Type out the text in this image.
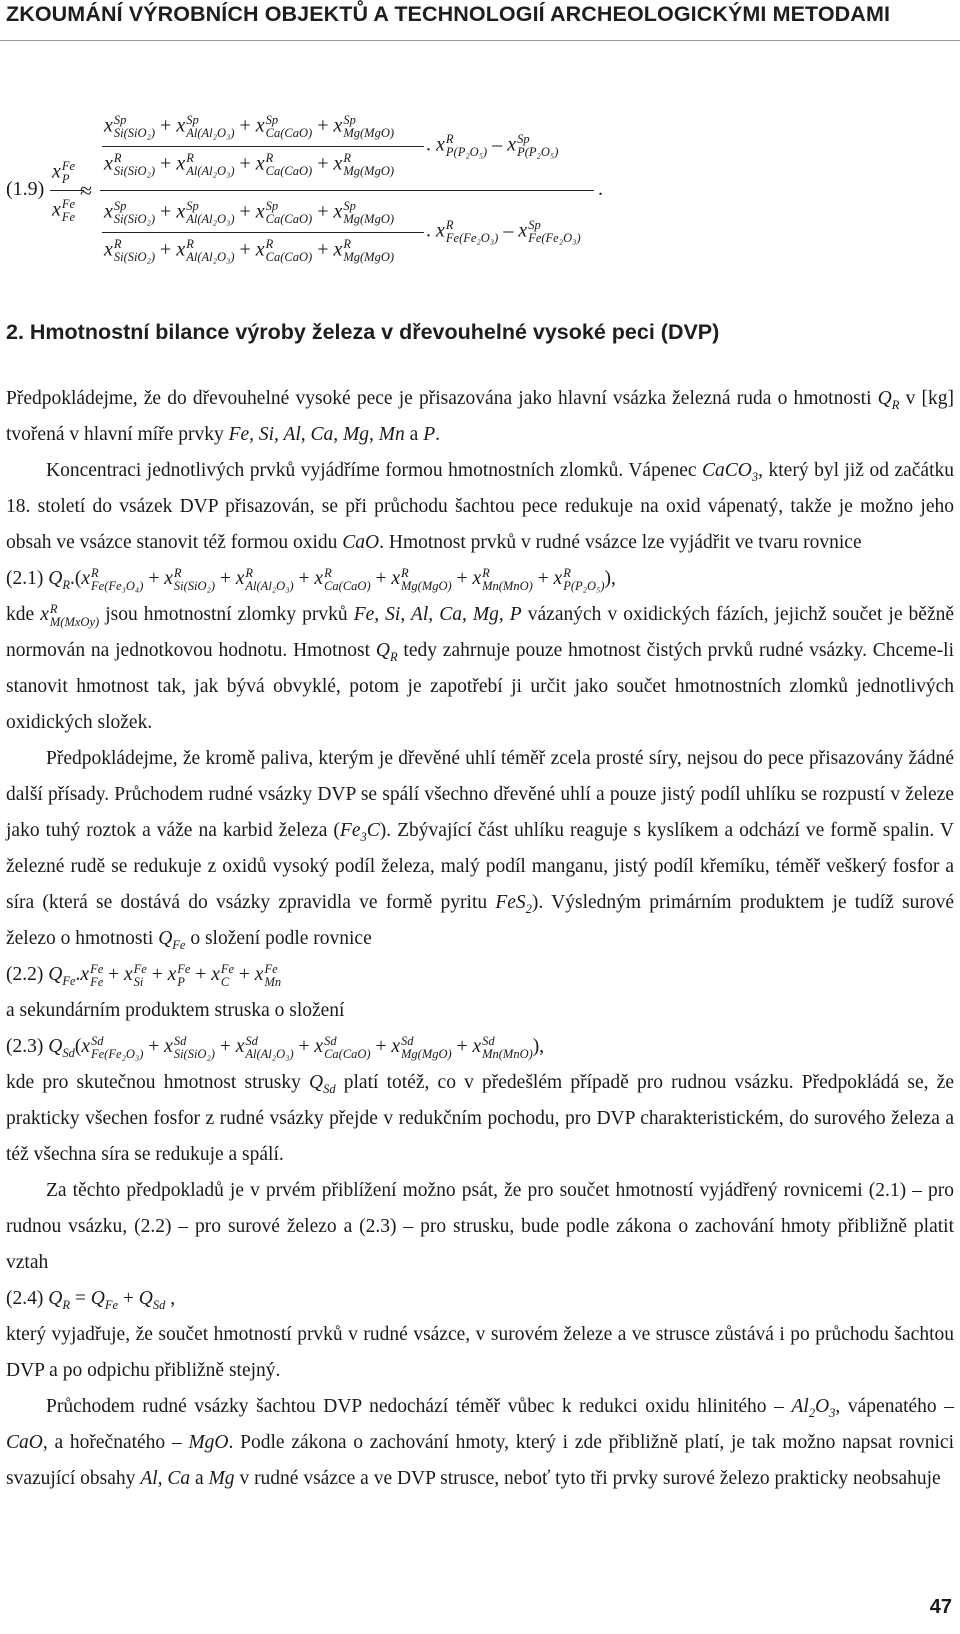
ZKOUMÁNÍ VÝROBNÍCH OBJEKTŮ A TECHNOLOGIÍ ARCHEOLOGICKÝMI METODAMI
(1.9)
x Fe
P
x Fe
Fe
≈
x Sp
Si(SiO₂) + x Sp
Al(Al₂O₃) + x Sp
Ca(CaO) + x Sp
Mg(MgO)
x R
Si(SiO₂) + x R
Al(Al₂O₃) + x R
Ca(CaO) + x R
Mg(MgO)
. x R
P(P₂O₅) – x Sp
P(P₂O₅)
.
x Sp
Si(SiO₂) + x Sp
Al(Al₂O₃) + x Sp
Ca(CaO) + x Sp
Mg(MgO)
x R
Si(SiO₂) + x R
Al(Al₂O₃) + x R
Ca(CaO) + x R
Mg(MgO)
. x R
Fe(Fe₂O₃) – x Sp
Fe(Fe₂O₃)
2. Hmotnostní bilance výroby železa v dřevouhelné vysoké peci (DVP)

Předpokládejme, že do dřevouhelné vysoké pece je přisazována jako hlavní vsázka železná ruda o hmotnosti $Q_R$ v [kg] tvořená v hlavní míře prvky Fe, Si, Al, Ca, Mg, Mn a P.

Koncentraci jednotlivých prvků vyjádříme formou hmotnostních zlomků. Vápenec CaCO$_3$, který byl již od začátku 18. století do vsázek DVP přisazován, se při průchodu šachtou pece redukuje na oxid vápenatý, takže je možno jeho obsah ve vsázce stanovit též formou oxidu CaO. Hmotnost prvků v rudné vsázce lze vyjádřit ve tvaru rovnice

(2.1) $Q_R.(x$ R
Fe(Fe₃O₄) + x R
Si(SiO₂) + x R
Al(Al₂O₃) + x R
Ca(CaO) + x R
Mg(MgO) + x R
Mn(MnO) + x R
P(P₂O₅) ),

kde x R
M(MxOy) jsou hmotnostní zlomky prvků Fe, Si, Al, Ca, Mg, P vázaných v oxidických fázích, jejichž součet je běžně normován na jednotkovou hodnotu. Hmotnost $Q_R$ tedy zahrnuje pouze hmotnost čistých prvků rudné vsázky. Chceme-li stanovit hmotnost tak, jak bývá obvyklé, potom je zapotřebí ji určit jako součet hmotnostních zlomků jednotlivých oxidických složek.

Předpokládejme, že kromě paliva, kterým je dřevěné uhlí téměř zcela prosté síry, nejsou do pece přisazovány žádné další přísady. Průchodem rudné vsázky DVP se spálí všechno dřevěné uhlí a pouze jistý podíl uhlíku se rozpustí v železe jako tuhý roztok a váže na karbid železa $(Fe_3C)$. Zbývající část uhlíku reaguje s kyslíkem a odchází ve formě spalin. V železné rudě se redukuje z oxidů vysoký podíl železa, malý podíl manganu, jistý podíl křemíku, téměř veškerý fosfor a síra (která se dostává do vsázky zpravidla ve formě pyritu FeS$_2$). Výsledným primárním produktem je tudíž surové železo o hmotnosti $Q_{Fe}$ o složení podle rovnice

(2.2) $Q_{Fe}.x$ Fe
Fe + x Fe
Si + x Fe
P + x Fe
C + x Fe
Mn

a sekundárním produktem struska o složení

(2.3) $Q_{Sd}(x$ Sd
Fe(Fe₂O₃) + x Sd
Si(SiO₂) + x Sd
Al(Al₂O₃) + x Sd
Ca(CaO) + x Sd
Mg(MgO) + x Sd
Mn(MnO) ),

kde pro skutečnou hmotnost strusky $Q_{Sd}$ platí totéž, co v předešlém případě pro rudnou vsázku. Předpokládá se, že prakticky všechen fosfor z rudné vsázky přejde v redukčním pochodu, pro DVP charakteristickém, do surového železa a též všechna síra se redukuje a spálí.

Za těchto předpokladů je v prvém přiblížení možno psát, že pro součet hmotností vyjádřený rovnicemi (2.1) – pro rudnou vsázku, (2.2) – pro surové železo a (2.3) – pro strusku, bude podle zákona o zachování hmoty přibližně platit vztah

(2.4) $Q_R = Q_{Fe} + Q_{Sd}$ ,

který vyjadřuje, že součet hmotností prvků v rudné vsázce, v surovém železe a ve strusce zůstává i po průchodu šachtou DVP a po odpichu přibližně stejný.

Průchodem rudné vsázky šachtou DVP nedochází téměř vůbec k redukci oxidu hlinitého – $Al_2O_3$, vápenatého – CaO, a hořečnatého – MgO. Podle zákona o zachování hmoty, který i zde přibližně platí, je tak možno napsat rovnici svazující obsahy Al, Ca a Mg v rudné vsázce a ve DVP strusce, neboť tyto tři prvky surové železo prakticky neobsahuje

47
